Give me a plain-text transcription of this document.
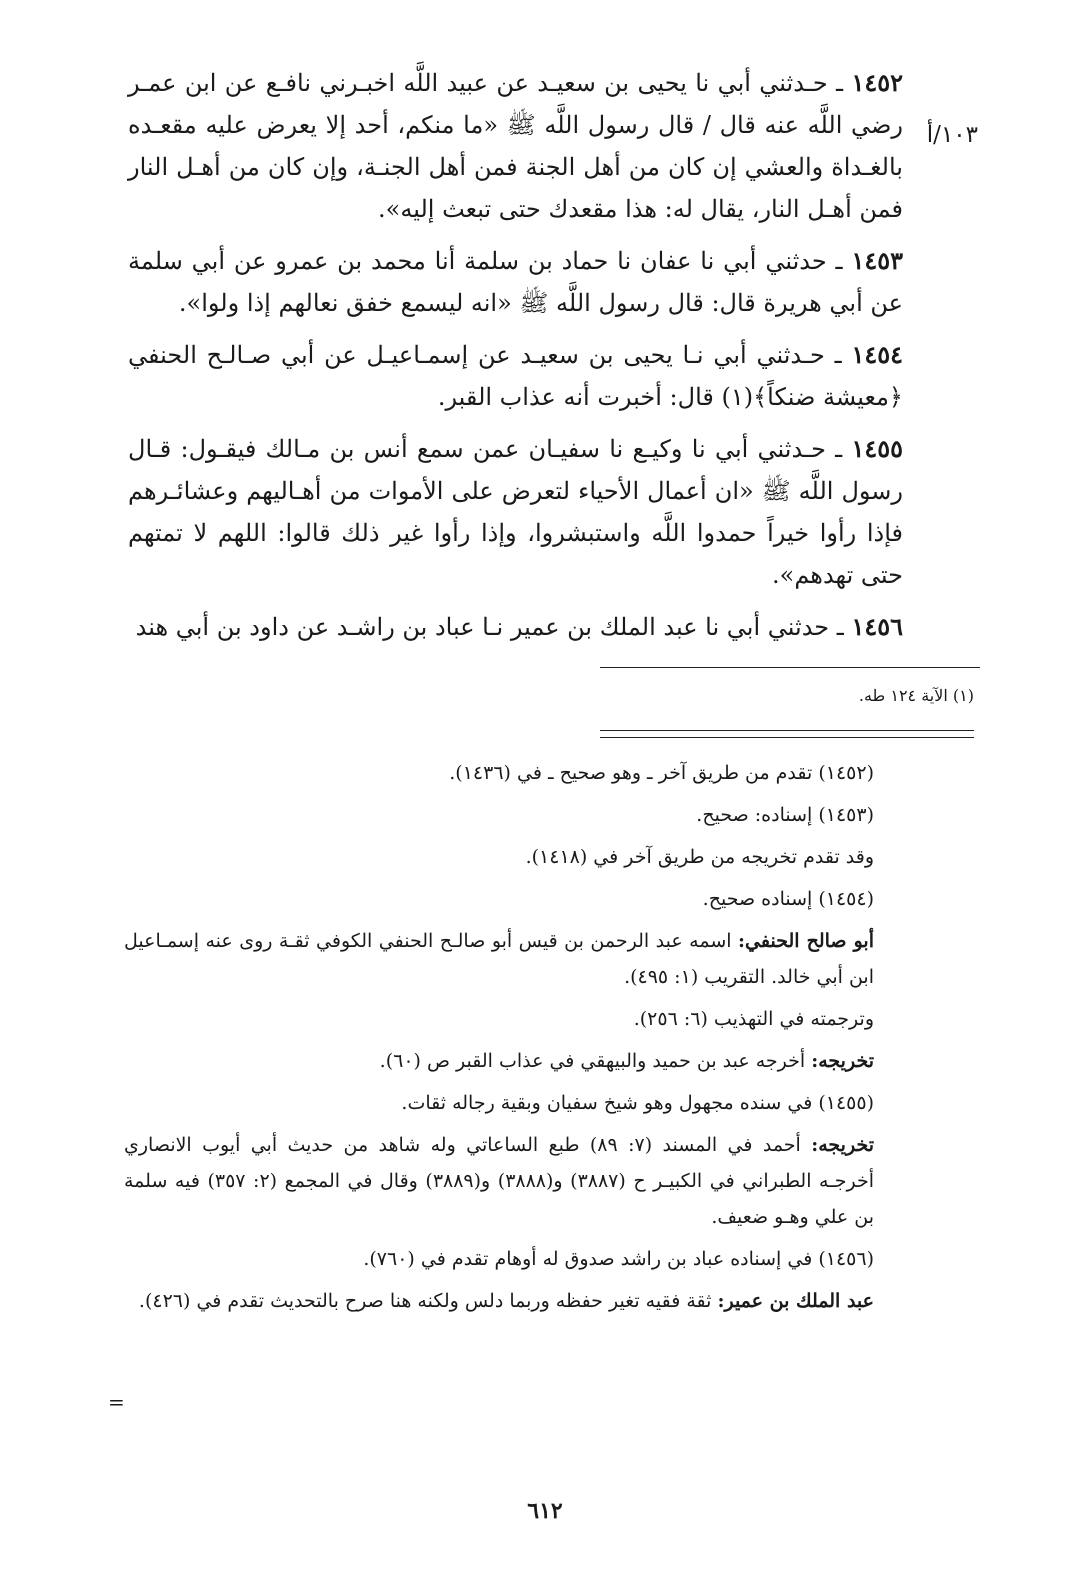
١٠٣/أ

١٤٥٢ ـ حـدثني أبي نا يحيى بن سعيـد عن عبيد اللَّه اخبـرني نافـع عن ابن عمـر رضي اللَّه عنه قال / قال رسول اللَّه ﷺ «ما منكم، أحد إلا يعرض عليه مقعـده بالغـداة والعشي إن كان من أهل الجنة فمن أهل الجنـة، وإن كان من أهـل النار فمن أهـل النار، يقال له: هذا مقعدك حتى تبعث إليه».

١٤٥٣ ـ حدثني أبي نا عفان نا حماد بن سلمة أنا محمد بن عمرو عن أبي سلمة عن أبي هريرة قال: قال رسول اللَّه ﷺ «انه ليسمع خفق نعالهم إذا ولوا».

١٤٥٤ ـ حـدثني أبي نـا يحيى بن سعيـد عن إسمـاعيـل عن أبي صـالـح الحنفي ﴿معيشة ضنكاً﴾(١) قال: أخبرت أنه عذاب القبر.

١٤٥٥ ـ حـدثني أبي نا وكيـع نا سفيـان عمن سمع أنس بن مـالك فيقـول: قـال رسول اللَّه ﷺ «ان أعمال الأحياء لتعرض على الأموات من أهـاليهم وعشائـرهم فإذا رأوا خيراً حمدوا اللَّه واستبشروا، وإذا رأوا غير ذلك قالوا: اللهم لا تمتهم حتى تهدهم».

١٤٥٦ ـ حدثني أبي نا عبد الملك بن عمير نـا عباد بن راشـد عن داود بن أبي هند

(١) الآية ١٢٤ طه.

(١٤٥٢) تقدم من طريق آخر ـ وهو صحيح ـ في (١٤٣٦).

(١٤٥٣) إسناده: صحيح.

وقد تقدم تخريجه من طريق آخر في (١٤١٨).

(١٤٥٤) إسناده صحيح.

أبو صالح الحنفي: اسمه عبد الرحمن بن قيس أبو صالـح الحنفي الكوفي ثقـة روى عنه إسمـاعيل ابن أبي خالد. التقريب (١: ٤٩٥).

وترجمته في التهذيب (٦: ٢٥٦).

تخريجه: أخرجه عبد بن حميد والبيهقي في عذاب القبر ص (٦٠).

(١٤٥٥) في سنده مجهول وهو شيخ سفيان وبقية رجاله ثقات.

تخريجه: أحمد في المسند (٧: ٨٩) طبع الساعاتي وله شاهد من حديث أبي أيوب الانصاري أخرجـه الطبراني في الكبيـر ح (٣٨٨٧) و(٣٨٨٨) و(٣٨٨٩) وقال في المجمع (٢: ٣٥٧) فيه سلمة بن علي وهـو ضعيف.

(١٤٥٦) في إسناده عباد بن راشد صدوق له أوهام تقدم في (٧٦٠).

عبد الملك بن عمير: ثقة فقيه تغير حفظه وربما دلس ولكنه هنا صرح بالتحديث تقدم في (٤٢٦).

=
٦١٢
